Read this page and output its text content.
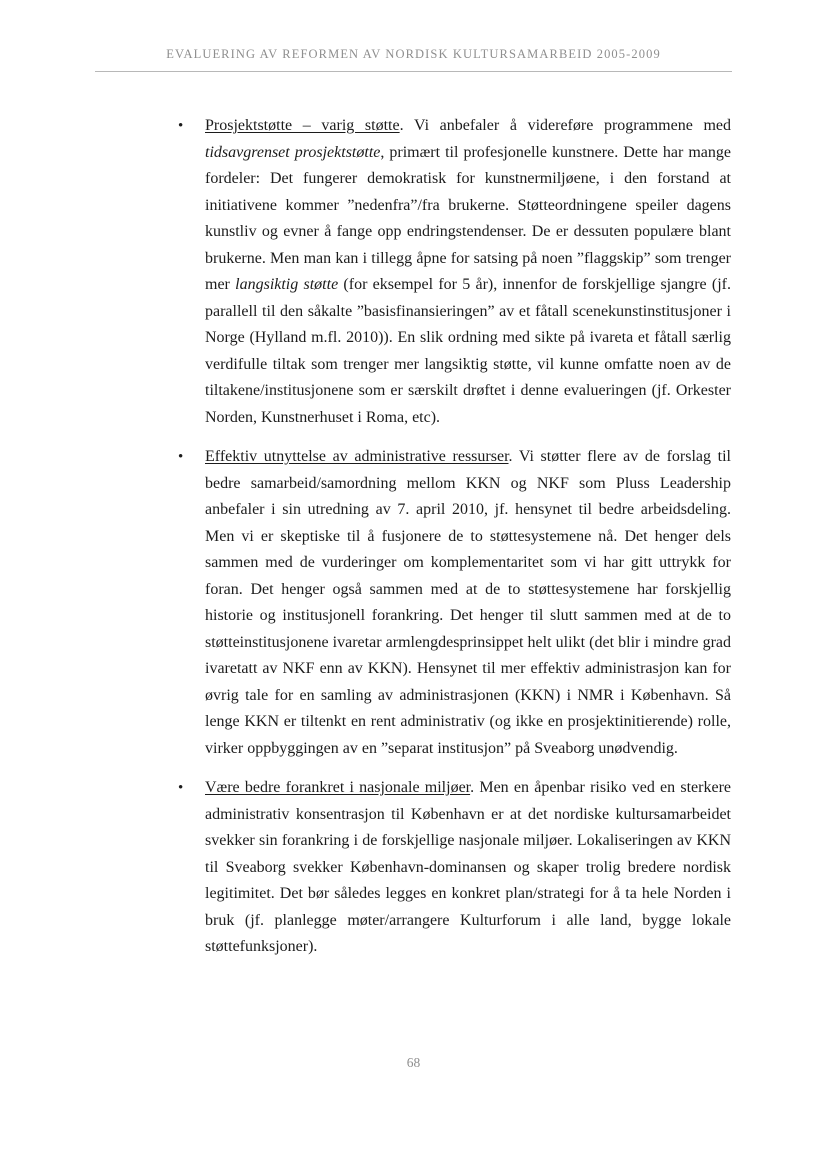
EVALUERING AV REFORMEN AV NORDISK KULTURSAMARBEID 2005-2009
•	Prosjektstøtte – varig støtte. Vi anbefaler å videreføre programmene med tidsavgrenset prosjektstøtte, primært til profesjonelle kunstnere. Dette har mange fordeler: Det fungerer demokratisk for kunstnermiljøene, i den forstand at initiativene kommer ”nedenfra”/fra brukerne. Støtteordningene speiler dagens kunstliv og evner å fange opp endringstendenser. De er dessuten populære blant brukerne. Men man kan i tillegg åpne for satsing på noen ”flaggskip” som trenger mer langsiktig støtte (for eksempel for 5 år), innenfor de forskjellige sjangre (jf. parallell til den såkalte ”basisfinansieringen” av et fåtall scenekunstinstitusjoner i Norge (Hylland m.fl. 2010)). En slik ordning med sikte på ivareta et fåtall særlig verdifulle tiltak som trenger mer langsiktig støtte, vil kunne omfatte noen av de tiltakene/institusjonene som er særskilt drøftet i denne evalueringen (jf. Orkester Norden, Kunstnerhuset i Roma, etc).

•	Effektiv utnyttelse av administrative ressurser. Vi støtter flere av de forslag til bedre samarbeid/samordning mellom KKN og NKF som Pluss Leadership anbefaler i sin utredning av 7. april 2010, jf. hensynet til bedre arbeidsdeling. Men vi er skeptiske til å fusjonere de to støttesystemene nå. Det henger dels sammen med de vurderinger om komplementaritet som vi har gitt uttrykk for foran. Det henger også sammen med at de to støttesystemene har forskjellig historie og institusjonell forankring. Det henger til slutt sammen med at de to støtteinstitusjonene ivaretar armlengdesprinsippet helt ulikt (det blir i mindre grad ivaretatt av NKF enn av KKN). Hensynet til mer effektiv administrasjon kan for øvrig tale for en samling av administrasjonen (KKN) i NMR i København. Så lenge KKN er tiltenkt en rent administrativ (og ikke en prosjektinitierende) rolle, virker oppbyggingen av en ”separat institusjon” på Sveaborg unødvendig.

•	Være bedre forankret i nasjonale miljøer. Men en åpenbar risiko ved en sterkere administrativ konsentrasjon til København er at det nordiske kultursamarbeidet svekker sin forankring i de forskjellige nasjonale miljøer. Lokaliseringen av KKN til Sveaborg svekker København-dominansen og skaper trolig bredere nordisk legitimitet. Det bør således legges en konkret plan/strategi for å ta hele Norden i bruk (jf. planlegge møter/arrangere Kulturforum i alle land, bygge lokale støttefunksjoner).

68
